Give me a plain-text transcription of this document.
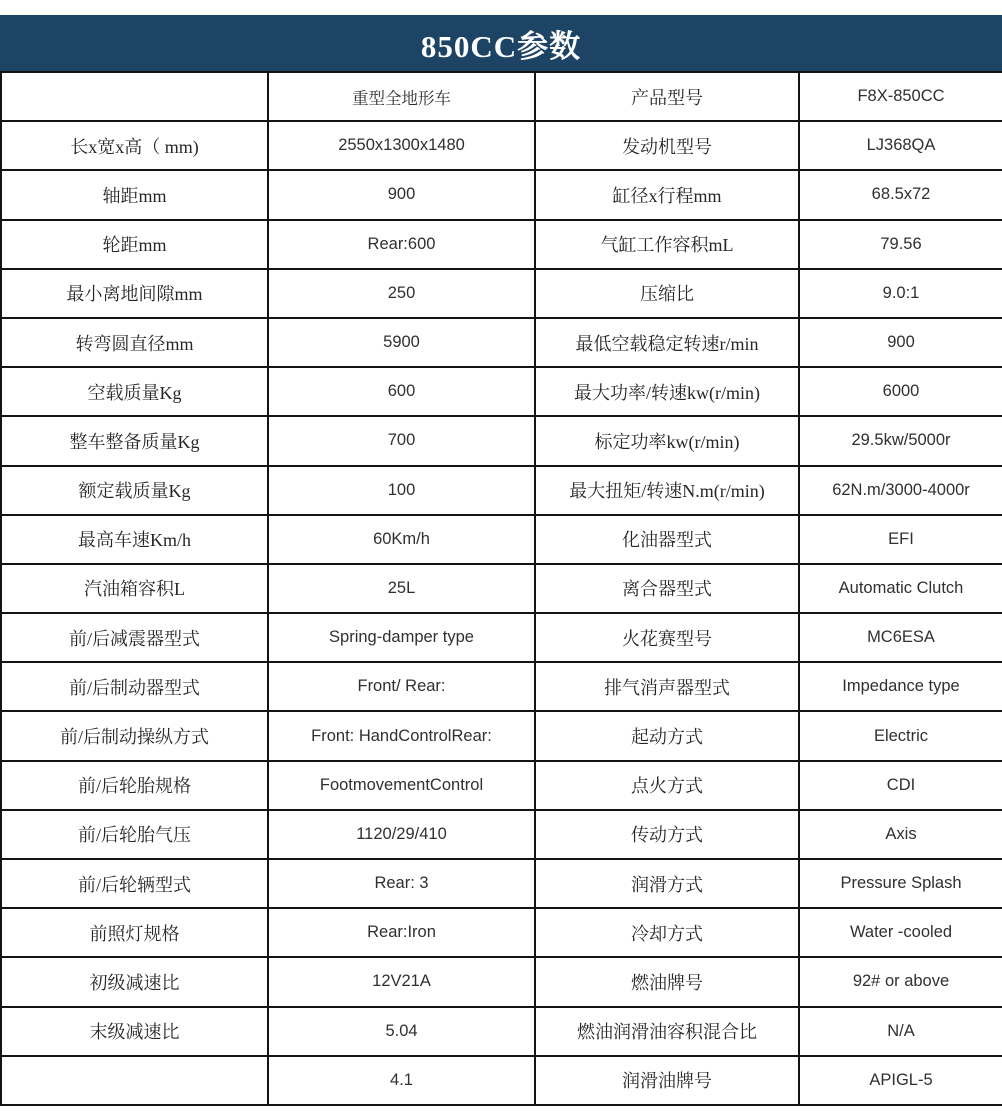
850CC参数
	重型全地形车	产品型号	F8X-850CC
长x宽x高（ mm)	2550x1300x1480	发动机型号	LJ368QA
轴距mm	900	缸径x行程mm	68.5x72
轮距mm	Rear:600	气缸工作容积mL	79.56
最小离地间隙mm	250	压缩比	9.0:1
转弯圆直径mm	5900	最低空载稳定转速r/min	900
空载质量Kg	600	最大功率/转速kw(r/min)	6000
整车整备质量Kg	700	标定功率kw(r/min)	29.5kw/5000r
额定载质量Kg	100	最大扭矩/转速N.m(r/min)	62N.m/3000-4000r
最高车速Km/h	60Km/h	化油器型式	EFI
汽油箱容积L	25L	离合器型式	Automatic Clutch
前/后减震器型式	Spring-damper type	火花赛型号	MC6ESA
前/后制动器型式	Front/ Rear:	排气消声器型式	Impedance type
前/后制动操纵方式	Front: HandControlRear:	起动方式	Electric
前/后轮胎规格	FootmovementControl	点火方式	CDI
前/后轮胎气压	1120/29/410	传动方式	Axis
前/后轮辆型式	Rear: 3	润滑方式	Pressure Splash
前照灯规格	Rear:Iron	冷却方式	Water -cooled
初级减速比	12V21A	燃油牌号	92# or above
末级减速比	5.04	燃油润滑油容积混合比	N/A
	4.1	润滑油牌号	APIGL-5
